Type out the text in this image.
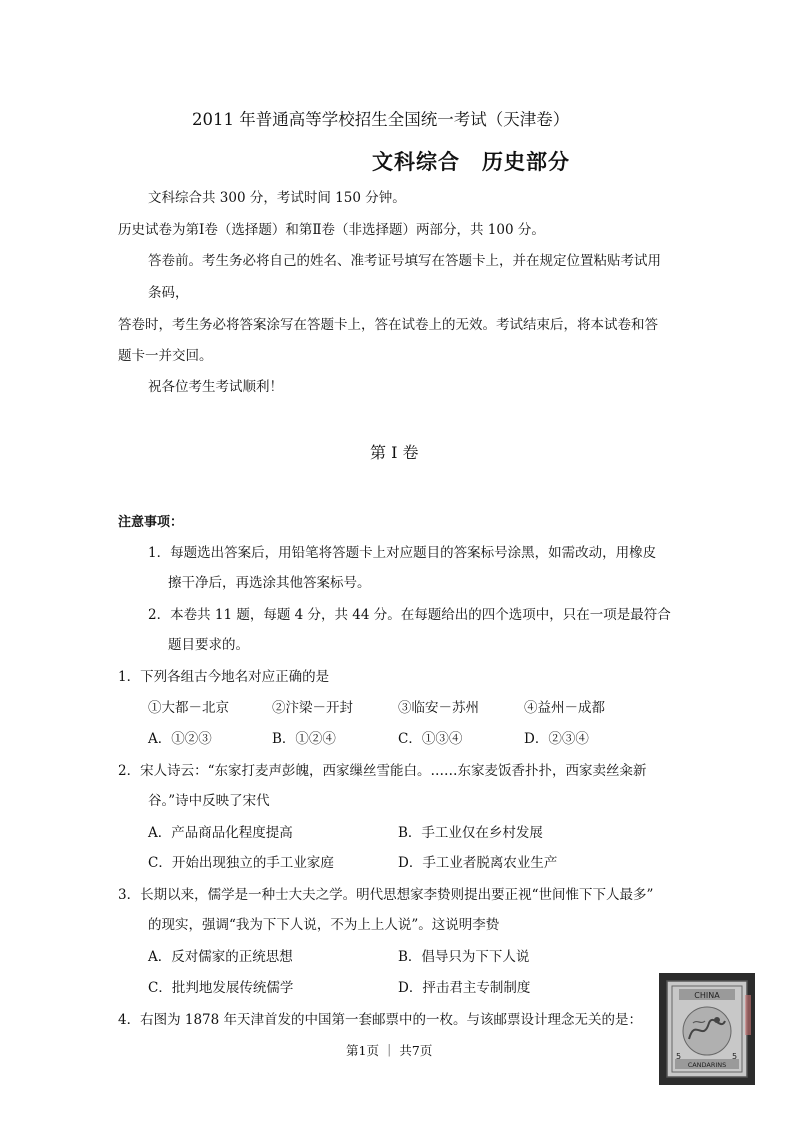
2011 年普通高等学校招生全国统一考试（天津卷）
文科综合　历史部分
文科综合共 300 分，考试时间 150 分钟。
历史试卷为第Ⅰ卷（选择题）和第Ⅱ卷（非选择题）两部分，共 100 分。
答卷前。考生务必将自己的姓名、准考证号填写在答题卡上，并在规定位置粘贴考试用
条码，
答卷时，考生务必将答案涂写在答题卡上，答在试卷上的无效。考试结束后，将本试卷和答
题卡一并交回。
祝各位考生考试顺利！
第 Ⅰ 卷
注意事项：
1．每题选出答案后，用铅笔将答题卡上对应题目的答案标号涂黑，如需改动，用橡皮
擦干净后，再选涂其他答案标号。
2．本卷共 11 题，每题 4 分，共 44 分。在每题给出的四个选项中，只在一项是最符合
题目要求的。
1．下列各组古今地名对应正确的是
①大都－北京	②汴梁－开封	③临安－苏州	④益州－成都
A．①②③	B．①②④	C．①③④	D．②③④
2．宋人诗云：“东家打麦声彭魄，西家缫丝雪能白。……东家麦饭香扑扑，西家卖丝籴新
谷。”诗中反映了宋代
A．产品商品化程度提高	B．手工业仅在乡村发展
C．开始出现独立的手工业家庭	D．手工业者脱离农业生产
3．长期以来，儒学是一种士大夫之学。明代思想家李贽则提出要正视“世间惟下下人最多”
的现实，强调“我为下下人说，不为上上人说”。这说明李贽
A．反对儒家的正统思想	B．倡导只为下下人说
C．批判地发展传统儒学	D．抨击君主专制制度
4．右图为 1878 年天津首发的中国第一套邮票中的一枚。与该邮票设计理念无关的是：
CHINA
CANDARINS
5	5
第1页 ｜ 共7页
